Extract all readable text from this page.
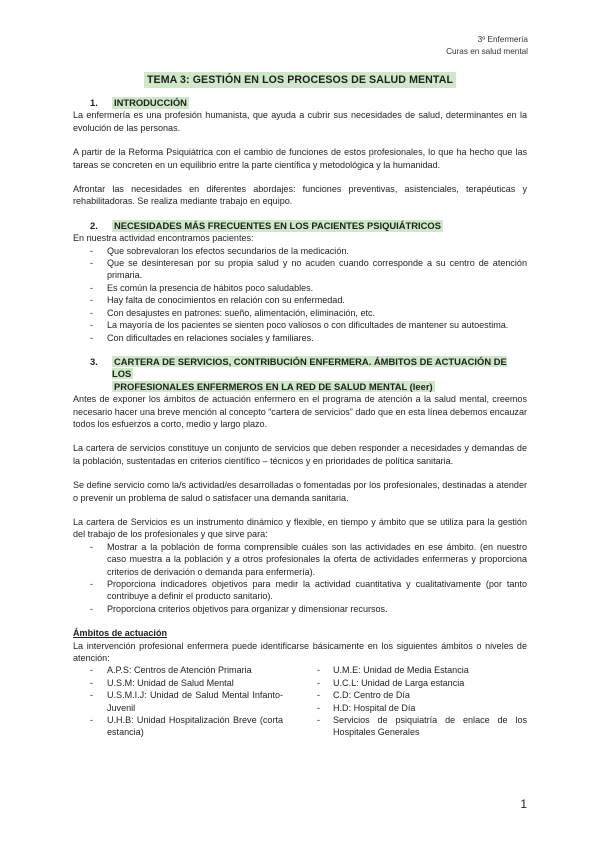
3º Enfermería
Curas en salud mental
TEMA 3: GESTIÓN EN LOS PROCESOS DE SALUD MENTAL
1.	INTRODUCCIÓN

La enfermería es una profesión humanista, que ayuda a cubrir sus necesidades de salud, determinantes en la evolución de las personas.

A partir de la Reforma Psiquiátrica con el cambio de funciones de estos profesionales, lo que ha hecho que las tareas se concreten en un equilibrio entre la parte científica y metodológica y la humanidad.

Afrontar las necesidades en diferentes abordajes: funciones preventivas, asistenciales, terapéuticas y rehabilitadoras. Se realiza mediante trabajo en equipo.

2.	NECESIDADES MÁS FRECUENTES EN LOS PACIENTES PSIQUIÁTRICOS

En nuestra actividad encontramos pacientes:

- Que sobrevaloran los efectos secundarios de la medicación.
- Que se desinteresan por su propia salud y no acuden cuando corresponde a su centro de atención primaria.
- Es común la presencia de hábitos poco saludables.
- Hay falta de conocimientos en relación con su enfermedad.
- Con desajustes en patrones: sueño, alimentación, eliminación, etc.
- La mayoría de los pacientes se sienten poco valiosos o con dificultades de mantener su autoestima.
- Con dificultades en relaciones sociales y familiares.
3.	CARTERA DE SERVICIOS, CONTRIBUCIÓN ENFERMERA. ÁMBITOS DE ACTUACIÓN DE LOS
PROFESIONALES ENFERMEROS EN LA RED DE SALUD MENTAL (leer)

Antes de exponer los ámbitos de actuación enfermero en el programa de atención a la salud mental, creemos necesario hacer una breve mención al concepto “cartera de servicios” dado que en esta línea debemos encauzar todos los esfuerzos a corto, medio y largo plazo.

La cartera de servicios constituye un conjunto de servicios que deben responder a necesidades y demandas de la población, sustentadas en criterios científico – técnicos y en prioridades de política sanitaria.

Se define servicio como la/s actividad/es desarrolladas o fomentadas por los profesionales, destinadas a atender o prevenir un problema de salud o satisfacer una demanda sanitaria.

La cartera de Servicios es un instrumento dinámico y flexible, en tiempo y ámbito que se utiliza para la gestión del trabajo de los profesionales y que sirve para:

- Mostrar a la población de forma comprensible cuáles son las actividades en ese ámbito. (en nuestro caso muestra a la población y a otros profesionales la oferta de actividades enfermeras y proporciona criterios de derivación o demanda para enfermería).
- Proporciona indicadores objetivos para medir la actividad cuantitativa y cualitativamente (por tanto contribuye a definir el producto sanitario).
- Proporciona criterios objetivos para organizar y dimensionar recursos.
Ámbitos de actuación

La intervención profesional enfermera puede identificarse básicamente en los siguientes ámbitos o niveles de atención:

- A.P.S: Centros de Atención Primaria
- U.S.M: Unidad de Salud Mental
- U.S.M.I.J: Unidad de Salud Mental Infanto-Juvenil
- U.H.B: Unidad Hospitalización Breve (corta estancia)
- U.M.E: Unidad de Media Estancia
- U.C.L: Unidad de Larga estancia
- C.D: Centro de Día
- H.D: Hospital de Día
- Servicios de psiquiatría de enlace de los Hospitales Generales
1
